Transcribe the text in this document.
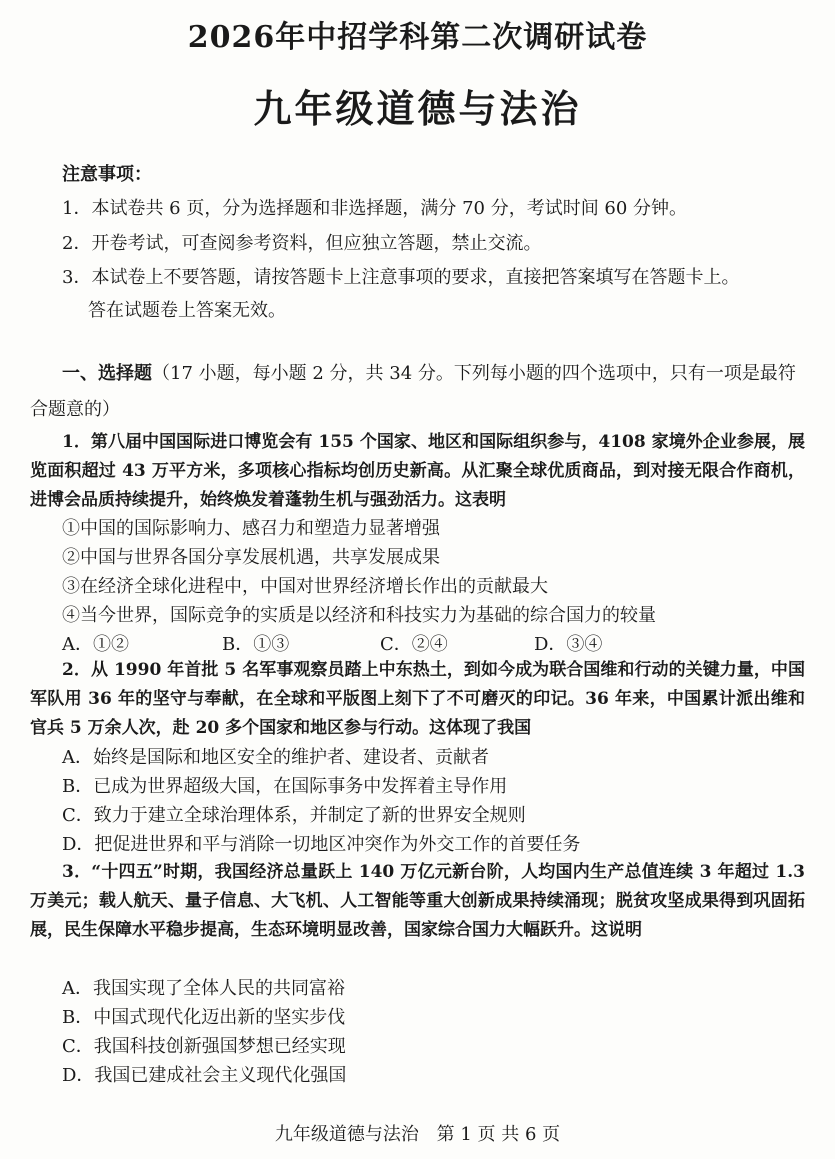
2026年中招学科第二次调研试卷
九年级道德与法治
注意事项：
1．本试卷共 6 页，分为选择题和非选择题，满分 70 分，考试时间 60 分钟。
2．开卷考试，可查阅参考资料，但应独立答题，禁止交流。
3．本试卷上不要答题，请按答题卡上注意事项的要求，直接把答案填写在答题卡上。
答在试题卷上答案无效。
一、选择题（17 小题，每小题 2 分，共 34 分。下列每小题的四个选项中，只有一项是最符合题意的）
1．第八届中国国际进口博览会有 155 个国家、地区和国际组织参与，4108 家境外企业参展，展览面积超过 43 万平方米，多项核心指标均创历史新高。从汇聚全球优质商品，到对接无限合作商机，进博会品质持续提升，始终焕发着蓬勃生机与强劲活力。这表明
①中国的国际影响力、感召力和塑造力显著增强
②中国与世界各国分享发展机遇，共享发展成果
③在经济全球化进程中，中国对世界经济增长作出的贡献最大
④当今世界，国际竞争的实质是以经济和科技实力为基础的综合国力的较量
A．①②	B．①③	C．②④	D．③④
2．从 1990 年首批 5 名军事观察员踏上中东热土，到如今成为联合国维和行动的关键力量，中国军队用 36 年的坚守与奉献，在全球和平版图上刻下了不可磨灭的印记。36 年来，中国累计派出维和官兵 5 万余人次，赴 20 多个国家和地区参与行动。这体现了我国
A．始终是国际和地区安全的维护者、建设者、贡献者
B．已成为世界超级大国，在国际事务中发挥着主导作用
C．致力于建立全球治理体系，并制定了新的世界安全规则
D．把促进世界和平与消除一切地区冲突作为外交工作的首要任务
3．“十四五”时期，我国经济总量跃上 140 万亿元新台阶，人均国内生产总值连续 3 年超过 1.3 万美元；载人航天、量子信息、大飞机、人工智能等重大创新成果持续涌现；脱贫攻坚成果得到巩固拓展，民生保障水平稳步提高，生态环境明显改善，国家综合国力大幅跃升。这说明
A．我国实现了全体人民的共同富裕
B．中国式现代化迈出新的坚实步伐
C．我国科技创新强国梦想已经实现
D．我国已建成社会主义现代化强国
九年级道德与法治 第 1 页 共 6 页
